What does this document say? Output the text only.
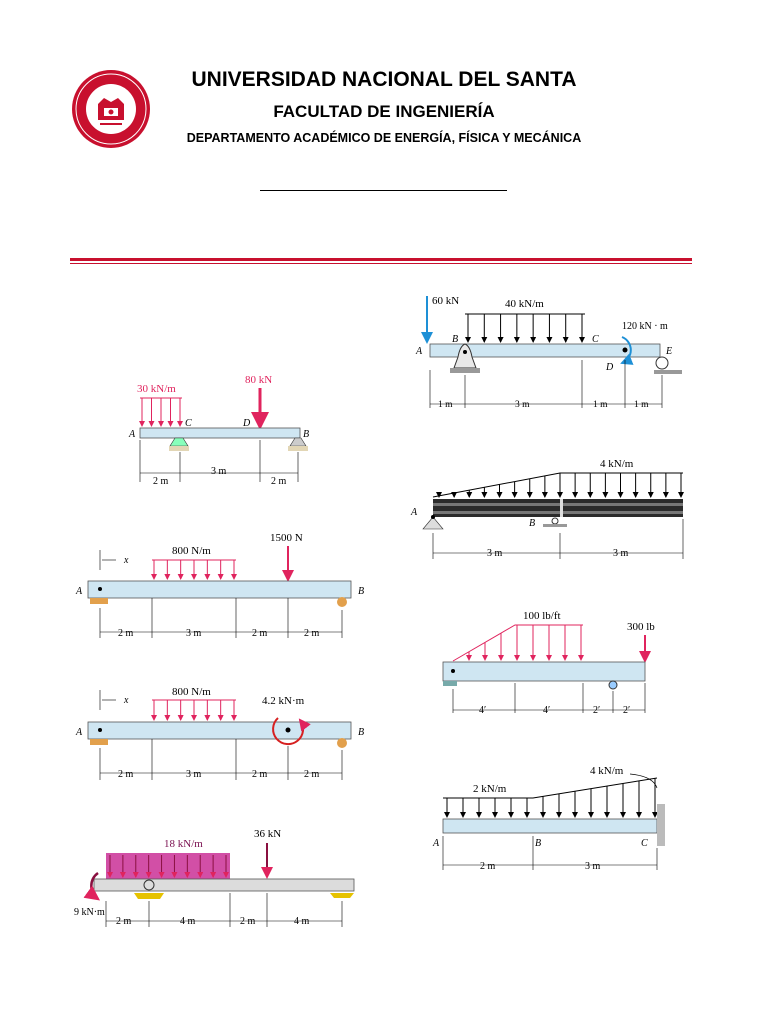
UNIVERSIDAD NACIONAL DEL SANTA
FACULTAD DE INGENIERÍA
DEPARTAMENTO ACADÉMICO DE ENERGÍA, FÍSICA Y MECÁNICA
60 kN	40 kN/m
120 kN · m
A
B	C
D
E
1 m	3 m	1 m	1 m
30 kN/m
80 kN
A
C	D
B
2 m
3 m
2 m
4 kN/m
A
B
3 m	3 m
x
800 N/m
1500 N
A	B
2 m	3 m	2 m	2 m
100 lb/ft
300 lb
4′	4′	2′ 2′
x
800 N/m
4.2 kN·m
A	B
2 m	3 m	2 m	2 m	4 kN/m
2 kN/m
A	B	C
2 m	3 m
18 kN/m
36 kN
9 kN·m
2 m	4 m	2 m	4 m
